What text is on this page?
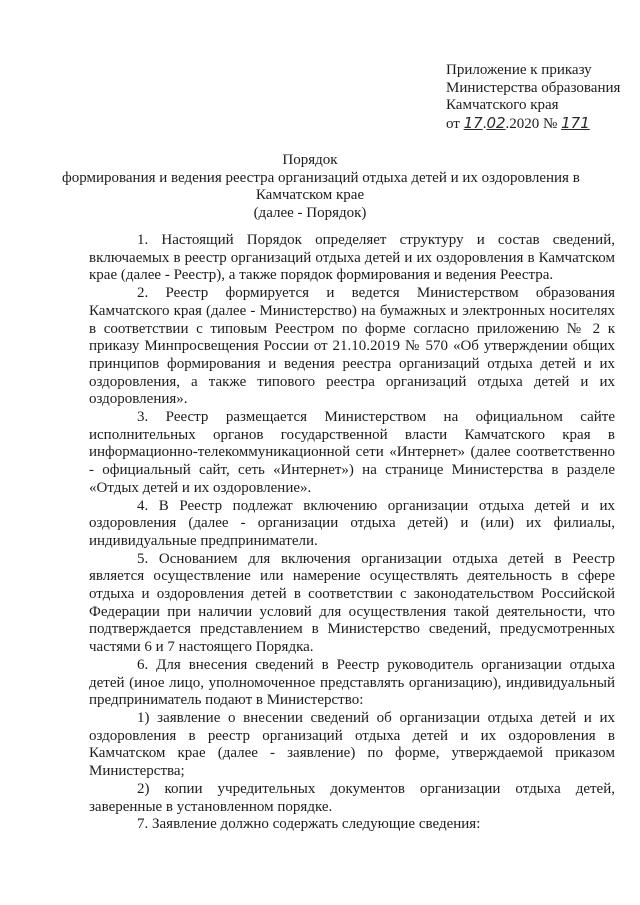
Приложение к приказу
Министерства образования
Камчатского края
от 17.02.2020 № 171
Порядок
формирования и ведения реестра организаций отдыха детей и их оздоровления в
Камчатском крае
(далее - Порядок)

1. Настоящий Порядок определяет структуру и состав сведений, включаемых в реестр организаций отдыха детей и их оздоровления в Камчатском крае (далее - Реестр), а также порядок формирования и ведения Реестра.

2. Реестр формируется и ведется Министерством образования Камчатского края (далее - Министерство) на бумажных и электронных носителях в соответствии с типовым Реестром по форме согласно приложению № 2 к приказу Минпросвещения России от 21.10.2019 № 570 «Об утверждении общих принципов формирования и ведения реестра организаций отдыха детей и их оздоровления, а также типового реестра организаций отдыха детей и их оздоровления».

3. Реестр размещается Министерством на официальном сайте исполнительных органов государственной власти Камчатского края в информационно-телекоммуникационной сети «Интернет» (далее соответственно - официальный сайт, сеть «Интернет») на странице Министерства в разделе «Отдых детей и их оздоровление».

4. В Реестр подлежат включению организации отдыха детей и их оздоровления (далее - организации отдыха детей) и (или) их филиалы, индивидуальные предприниматели.

5. Основанием для включения организации отдыха детей в Реестр является осуществление или намерение осуществлять деятельность в сфере отдыха и оздоровления детей в соответствии с законодательством Российской Федерации при наличии условий для осуществления такой деятельности, что подтверждается представлением в Министерство сведений, предусмотренных частями 6 и 7 настоящего Порядка.

6. Для внесения сведений в Реестр руководитель организации отдыха детей (иное лицо, уполномоченное представлять организацию), индивидуальный предприниматель подают в Министерство:

1) заявление о внесении сведений об организации отдыха детей и их оздоровления в реестр организаций отдыха детей и их оздоровления в Камчатском крае (далее - заявление) по форме, утверждаемой приказом Министерства;

2) копии учредительных документов организации отдыха детей, заверенные в установленном порядке.

7. Заявление должно содержать следующие сведения:
